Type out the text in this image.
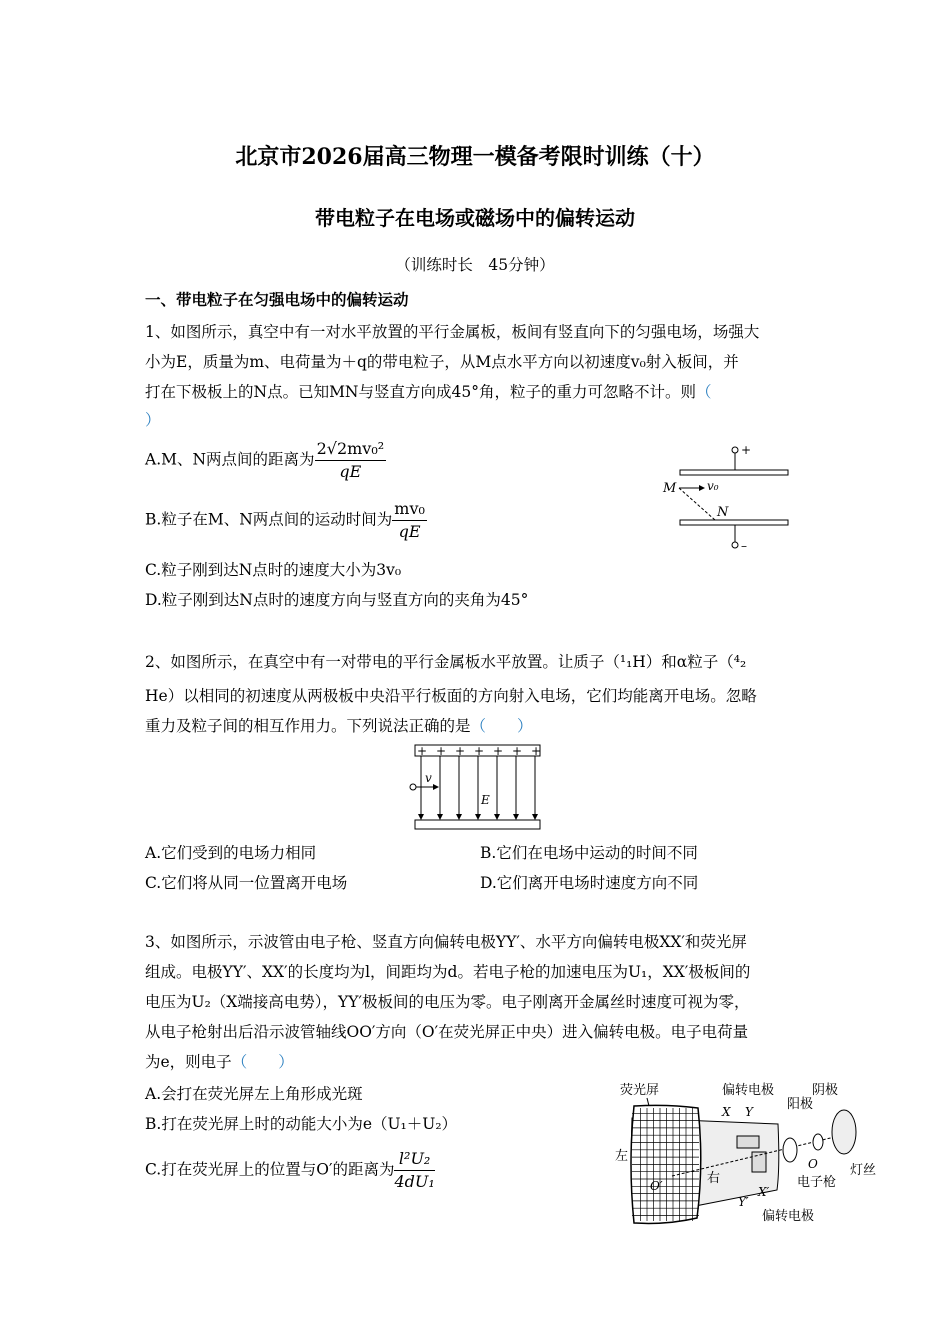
北京市2026届高三物理一模备考限时训练（十）
带电粒子在电场或磁场中的偏转运动
（训练时长　45分钟）
一、带电粒子在匀强电场中的偏转运动
1、如图所示，真空中有一对水平放置的平行金属板，板间有竖直向下的匀强电场，场强大
小为E，质量为m、电荷量为＋q的带电粒子，从M点水平方向以初速度v₀射入板间，并
打在下极板上的N点。已知MN与竖直方向成45°角，粒子的重力可忽略不计。则（
）
A.M、N两点间的距离为 $\frac{\text{2√2mv₀²}}{qE}$
B.粒子在M、N两点间的运动时间为 $\frac{\text{mv₀}}{qE}$
C.粒子刚到达N点时的速度大小为3v₀
D.粒子刚到达N点时的速度方向与竖直方向的夹角为45°
+
M	v₀
N
–
2、如图所示，在真空中有一对带电的平行金属板水平放置。让质子（¹₁H）和α粒子（⁴₂
He）以相同的初速度从两极板中央沿平行板面的方向射入电场，它们均能离开电场。忽略
重力及粒子间的相互作用力。下列说法正确的是（　　）
+ + + + + + +
v
E
A.它们受到的电场力相同	B.它们在电场中运动的时间不同
C.它们将从同一位置离开电场	D.它们离开电场时速度方向不同
3、如图所示，示波管由电子枪、竖直方向偏转电极YY′、水平方向偏转电极XX′和荧光屏
组成。电极YY′、XX′的长度均为l，间距均为d。若电子枪的加速电压为U₁，XX′极板间的
电压为U₂（X端接高电势），YY′极板间的电压为零。电子刚离开金属丝时速度可视为零，
从电子枪射出后沿示波管轴线OO′方向（O′在荧光屏正中央）进入偏转电极。电子电荷量
为e，则电子（　　）
A.会打在荧光屏左上角形成光斑
B.打在荧光屏上时的动能大小为e（U₁＋U₂）
C.打在荧光屏上的位置与O′的距离为 $\frac{\text{l²U₂}}{\text{4dU₁}}$
荧光屏	偏转电极	阴极
阳极
X Y
左
O′	右
O 灯丝
电子枪
X′
Y′
偏转电极
